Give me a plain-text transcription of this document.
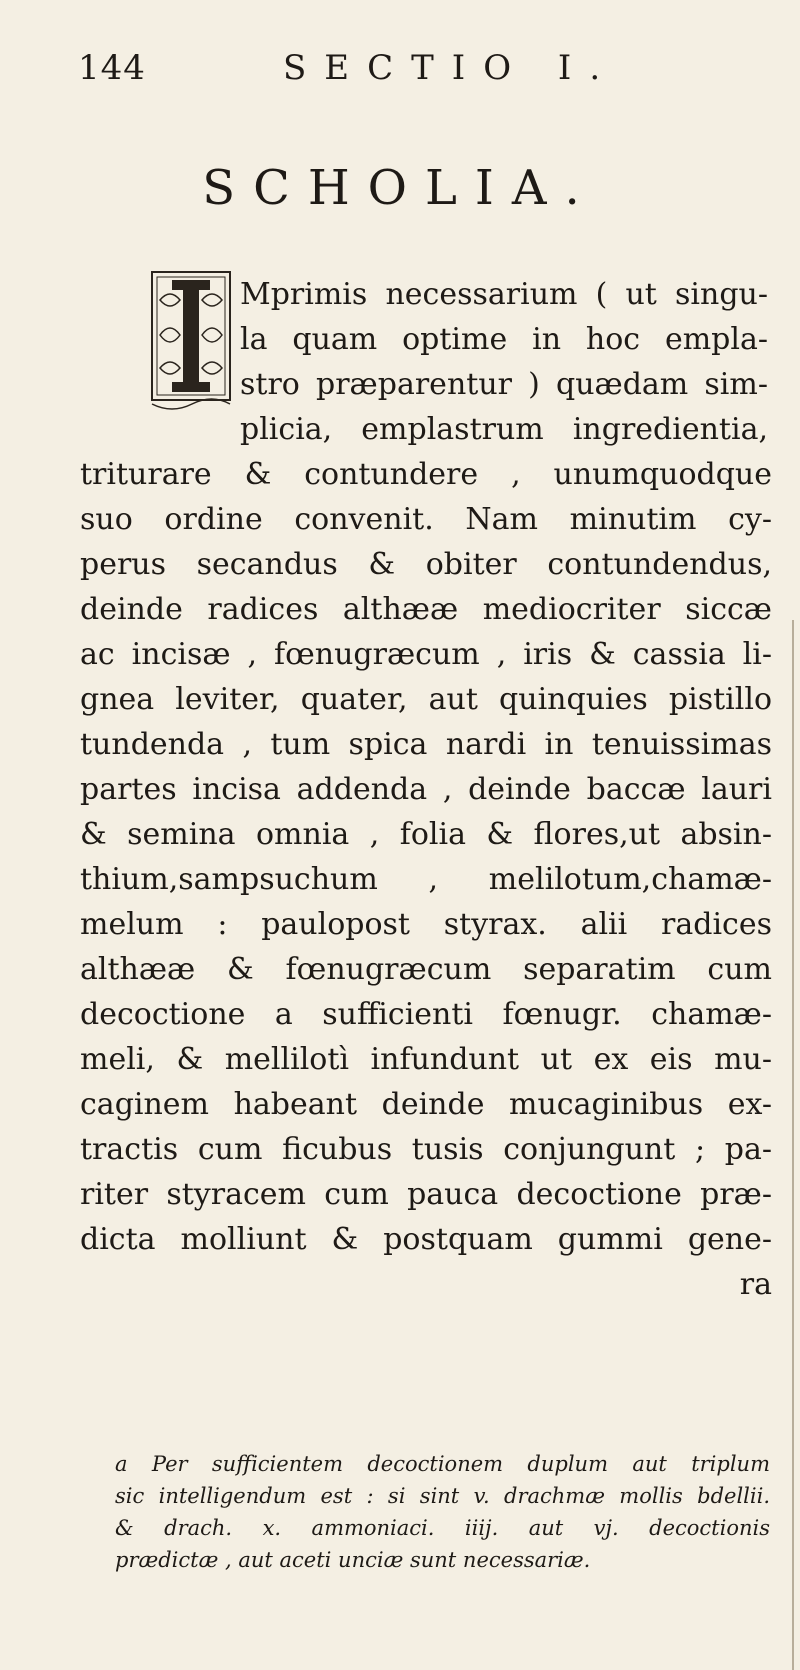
144	SECTIO I.
SCHOLIA.
Mprimis necessarium ( ut singu-
la quam optime in hoc empla-
stro præparentur ) quædam sim-
plicia, emplastrum ingredientia,
triturare & contundere , unumquodque
suo ordine convenit. Nam minutim cy-
perus secandus & obiter contundendus,
deinde radices althææ mediocriter siccæ
ac incisæ , fœnugræcum , iris & cassia li-
gnea leviter, quater, aut quinquies pistillo
tundenda , tum spica nardi in tenuissimas
partes incisa addenda , deinde baccæ lauri
& semina omnia , folia & flores,ut absin-
thium,sampsuchum , melilotum,chamæ-
melum : paulopost styrax. alii radices
althææ & fœnugræcum separatim cum
decoctione a sufficienti fœnugr. chamæ-
meli, & mellilotì infundunt ut ex eis mu-
caginem habeant deinde mucaginibus ex-
tractis cum ficubus tusis conjungunt ; pa-
riter styracem cum pauca decoctione præ-
dicta molliunt & postquam gummi gene-
ra
a Per sufficientem decoctionem duplum aut triplum
sic intelligendum est : si sint v. drachmæ mollis bdellii.
& drach. x. ammoniaci. iiij. aut vj. decoctionis
prædictæ , aut aceti unciæ sunt necessariæ.
